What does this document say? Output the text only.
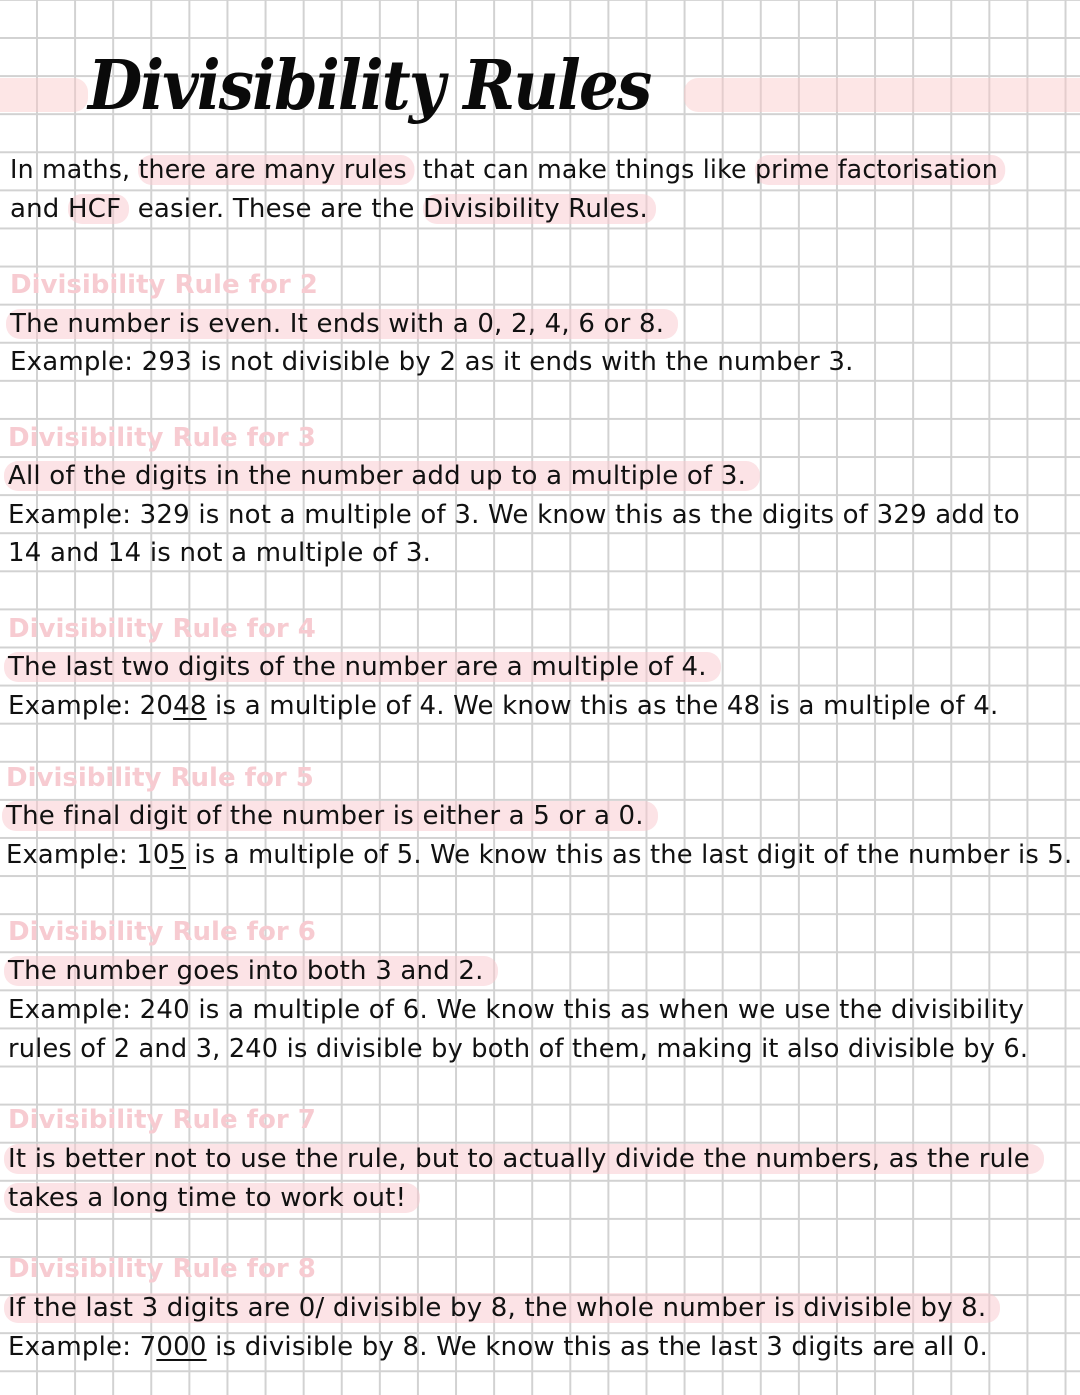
Divisibility Rules
In maths, there are many rules that can make things like prime factorisation
and HCF easier. These are the Divisibility Rules.
Divisibility Rule for 2
The number is even. It ends with a 0, 2, 4, 6 or 8.
Example: 293 is not divisible by 2 as it ends with the number 3.
Divisibility Rule for 3
All of the digits in the number add up to a multiple of 3.
Example: 329 is not a multiple of 3. We know this as the digits of 329 add to
14 and 14 is not a multiple of 3.
Divisibility Rule for 4
The last two digits of the number are a multiple of 4.
Example: 2048 is a multiple of 4. We know this as the 48 is a multiple of 4.
Divisibility Rule for 5
The final digit of the number is either a 5 or a 0.
Example: 105 is a multiple of 5. We know this as the last digit of the number is 5.
Divisibility Rule for 6
The number goes into both 3 and 2.
Example: 240 is a multiple of 6. We know this as when we use the divisibility
rules of 2 and 3, 240 is divisible by both of them, making it also divisible by 6.
Divisibility Rule for 7
It is better not to use the rule, but to actually divide the numbers, as the rule
takes a long time to work out!
Divisibility Rule for 8
If the last 3 digits are 0/ divisible by 8, the whole number is divisible by 8.
Example: 7000 is divisible by 8. We know this as the last 3 digits are all 0.
